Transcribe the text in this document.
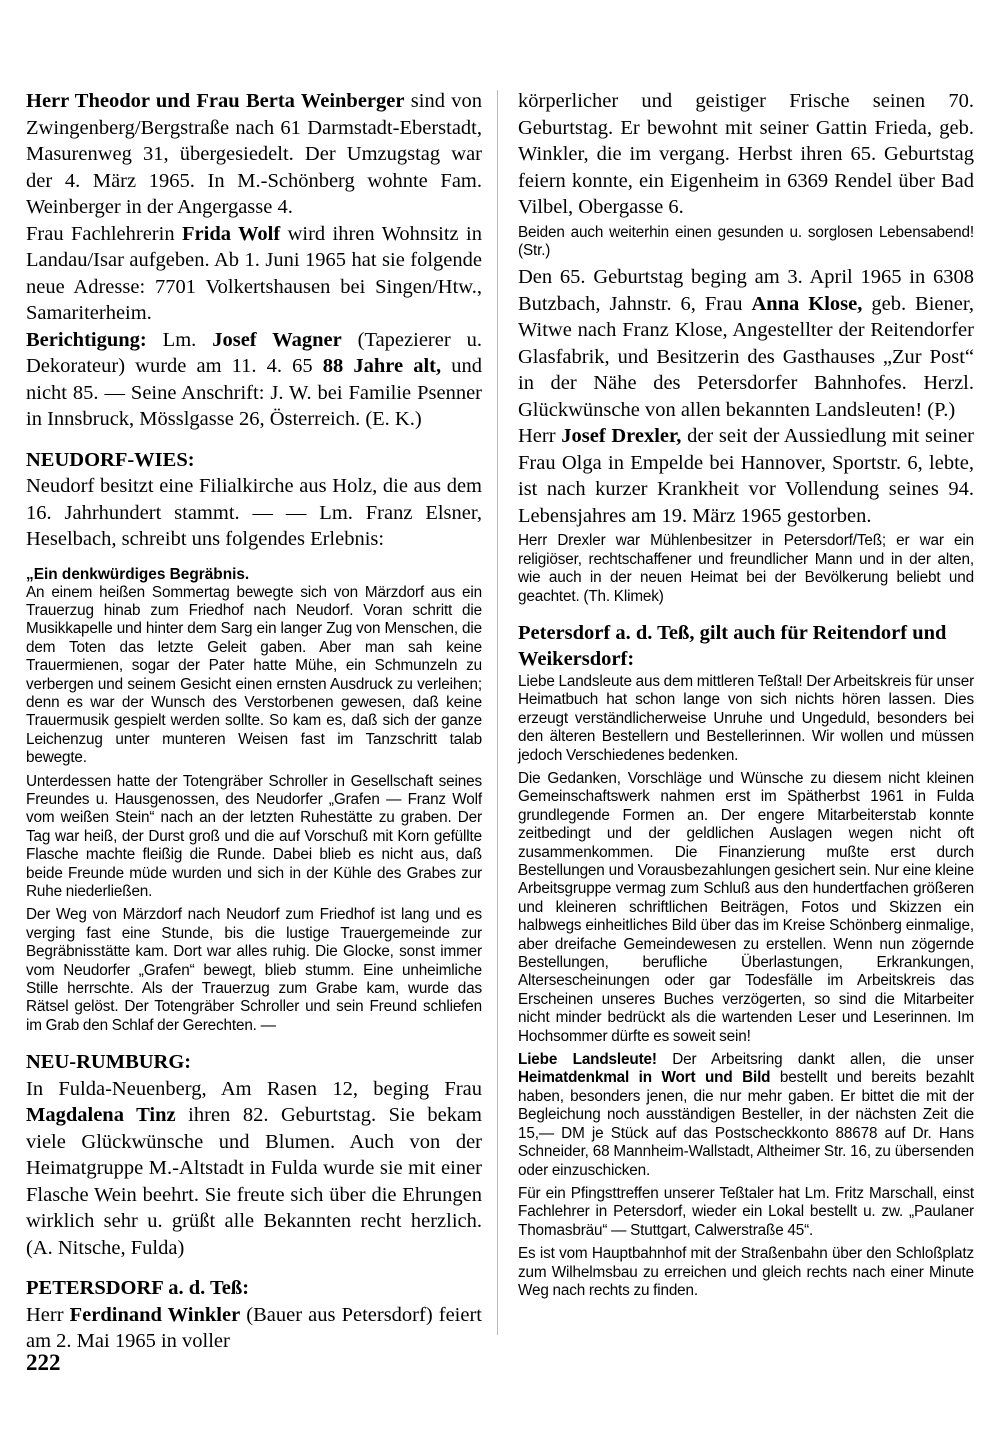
Herr Theodor und Frau Berta Weinberger sind von Zwingenberg/Bergstraße nach 61 Darmstadt-Eberstadt, Masurenweg 31, übergesiedelt. Der Umzugstag war der 4. März 1965. In M.-Schönberg wohnte Fam. Weinberger in der Angergasse 4.

Frau Fachlehrerin Frida Wolf wird ihren Wohnsitz in Landau/Isar aufgeben. Ab 1. Juni 1965 hat sie folgende neue Adresse: 7701 Volkertshausen bei Singen/Htw., Samariterheim.

Berichtigung: Lm. Josef Wagner (Tapezierer u. Dekorateur) wurde am 11. 4. 65 88 Jahre alt, und nicht 85. — Seine Anschrift: J. W. bei Familie Psenner in Innsbruck, Mösslgasse 26, Österreich. (E. K.)

NEUDORF-WIES:

Neudorf besitzt eine Filialkirche aus Holz, die aus dem 16. Jahrhundert stammt. — — Lm. Franz Elsner, Heselbach, schreibt uns folgendes Erlebnis:

„Ein denkwürdiges Begräbnis.

An einem heißen Sommertag bewegte sich von Märzdorf aus ein Trauerzug hinab zum Friedhof nach Neudorf. Voran schritt die Musikkapelle und hinter dem Sarg ein langer Zug von Menschen, die dem Toten das letzte Geleit gaben. Aber man sah keine Trauermienen, sogar der Pater hatte Mühe, ein Schmunzeln zu verbergen und seinem Gesicht einen ernsten Ausdruck zu verleihen; denn es war der Wunsch des Verstorbenen gewesen, daß keine Trauermusik gespielt werden sollte. So kam es, daß sich der ganze Leichenzug unter munteren Weisen fast im Tanzschritt talab bewegte.

Unterdessen hatte der Totengräber Schroller in Gesellschaft seines Freundes u. Hausgenossen, des Neudorfer „Grafen — Franz Wolf vom weißen Stein“ nach an der letzten Ruhestätte zu graben. Der Tag war heiß, der Durst groß und die auf Vorschuß mit Korn gefüllte Flasche machte fleißig die Runde. Dabei blieb es nicht aus, daß beide Freunde müde wurden und sich in der Kühle des Grabes zur Ruhe niederließen.

Der Weg von Märzdorf nach Neudorf zum Friedhof ist lang und es verging fast eine Stunde, bis die lustige Trauergemeinde zur Begräbnisstätte kam. Dort war alles ruhig. Die Glocke, sonst immer vom Neudorfer „Grafen“ bewegt, blieb stumm. Eine unheimliche Stille herrschte. Als der Trauerzug zum Grabe kam, wurde das Rätsel gelöst. Der Totengräber Schroller und sein Freund schliefen im Grab den Schlaf der Gerechten. —

NEU-RUMBURG:

In Fulda-Neuenberg, Am Rasen 12, beging Frau Magdalena Tinz ihren 82. Geburtstag. Sie bekam viele Glückwünsche und Blumen. Auch von der Heimatgruppe M.-Altstadt in Fulda wurde sie mit einer Flasche Wein beehrt. Sie freute sich über die Ehrungen wirklich sehr u. grüßt alle Bekannten recht herzlich. (A. Nitsche, Fulda)

PETERSDORF a. d. Teß:

Herr Ferdinand Winkler (Bauer aus Petersdorf) feiert am 2. Mai 1965 in voller

körperlicher und geistiger Frische seinen 70. Geburtstag. Er bewohnt mit seiner Gattin Frieda, geb. Winkler, die im vergang. Herbst ihren 65. Geburtstag feiern konnte, ein Eigenheim in 6369 Rendel über Bad Vilbel, Obergasse 6.

Beiden auch weiterhin einen gesunden u. sorglosen Lebensabend! (Str.)

Den 65. Geburtstag beging am 3. April 1965 in 6308 Butzbach, Jahnstr. 6, Frau Anna Klose, geb. Biener, Witwe nach Franz Klose, Angestellter der Reitendorfer Glasfabrik, und Besitzerin des Gasthauses „Zur Post“ in der Nähe des Petersdorfer Bahnhofes. Herzl. Glückwünsche von allen bekannten Landsleuten! (P.)

Herr Josef Drexler, der seit der Aussiedlung mit seiner Frau Olga in Empelde bei Hannover, Sportstr. 6, lebte, ist nach kurzer Krankheit vor Vollendung seines 94. Lebensjahres am 19. März 1965 gestorben.

Herr Drexler war Mühlenbesitzer in Petersdorf/Teß; er war ein religiöser, rechtschaffener und freundlicher Mann und in der alten, wie auch in der neuen Heimat bei der Bevölkerung beliebt und geachtet. (Th. Klimek)

Petersdorf a. d. Teß, gilt auch für Reitendorf und Weikersdorf:

Liebe Landsleute aus dem mittleren Teßtal! Der Arbeitskreis für unser Heimatbuch hat schon lange von sich nichts hören lassen. Dies erzeugt verständlicherweise Unruhe und Ungeduld, besonders bei den älteren Bestellern und Bestellerinnen. Wir wollen und müssen jedoch Verschiedenes bedenken.

Die Gedanken, Vorschläge und Wünsche zu diesem nicht kleinen Gemeinschaftswerk nahmen erst im Spätherbst 1961 in Fulda grundlegende Formen an. Der engere Mitarbeiterstab konnte zeitbedingt und der geldlichen Auslagen wegen nicht oft zusammenkommen. Die Finanzierung mußte erst durch Bestellungen und Vorausbezahlungen gesichert sein. Nur eine kleine Arbeitsgruppe vermag zum Schluß aus den hundertfachen größeren und kleineren schriftlichen Beiträgen, Fotos und Skizzen ein halbwegs einheitliches Bild über das im Kreise Schönberg einmalige, aber dreifache Gemeindewesen zu erstellen. Wenn nun zögernde Bestellungen, berufliche Überlastungen, Erkrankungen, Altersescheinungen oder gar Todesfälle im Arbeitskreis das Erscheinen unseres Buches verzögerten, so sind die Mitarbeiter nicht minder bedrückt als die wartenden Leser und Leserinnen. Im Hochsommer dürfte es soweit sein!

Liebe Landsleute! Der Arbeitsring dankt allen, die unser Heimatdenkmal in Wort und Bild bestellt und bereits bezahlt haben, besonders jenen, die nur mehr gaben. Er bittet die mit der Begleichung noch ausständigen Besteller, in der nächsten Zeit die 15,— DM je Stück auf das Postscheckkonto 88678 auf Dr. Hans Schneider, 68 Mannheim-Wallstadt, Altheimer Str. 16, zu übersenden oder einzuschicken.

Für ein Pfingsttreffen unserer Teßtaler hat Lm. Fritz Marschall, einst Fachlehrer in Petersdorf, wieder ein Lokal bestellt u. zw. „Paulaner Thomasbräu“ — Stuttgart, Calwerstraße 45“.

Es ist vom Hauptbahnhof mit der Straßenbahn über den Schloßplatz zum Wilhelmsbau zu erreichen und gleich rechts nach einer Minute Weg nach rechts zu finden.

222
